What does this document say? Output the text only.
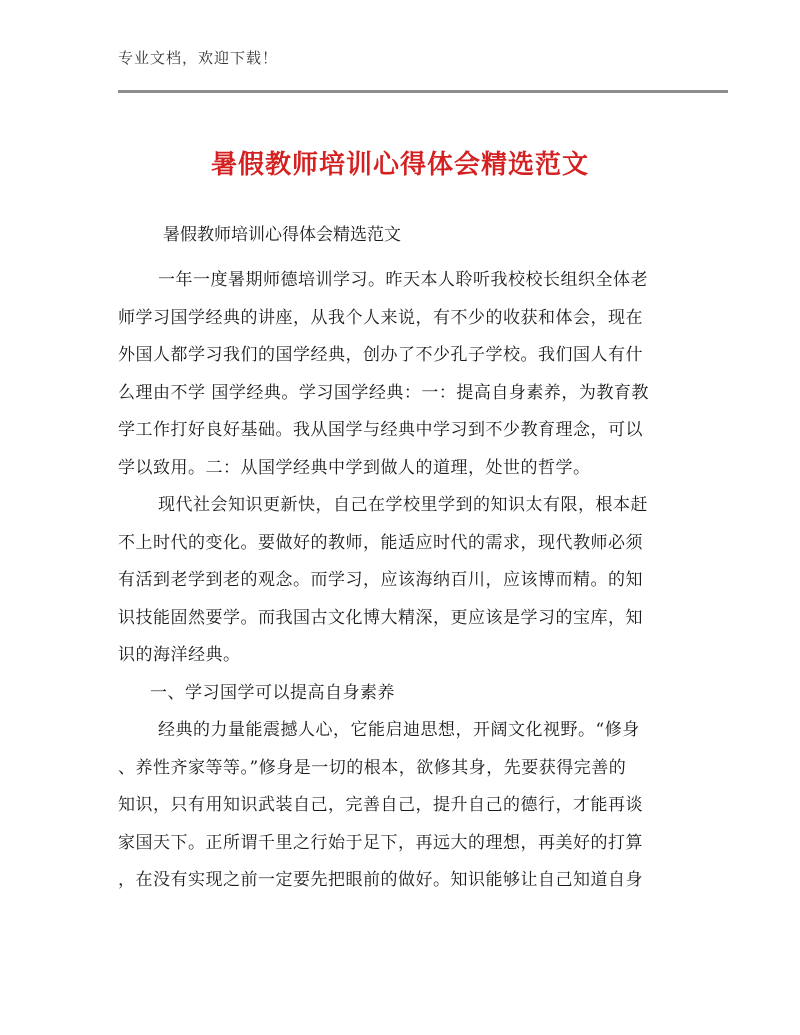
专业文档，欢迎下载！
暑假教师培训心得体会精选范文
暑假教师培训心得体会精选范文
一年一度暑期师德培训学习。昨天本人聆听我校校长组织全体老
师学习国学经典的讲座，从我个人来说，有不少的收获和体会，现在
外国人都学习我们的国学经典，创办了不少孔子学校。我们国人有什
么理由不学 国学经典。学习国学经典：一：提高自身素养，为教育教
学工作打好良好基础。我从国学与经典中学习到不少教育理念，可以
学以致用。二：从国学经典中学到做人的道理，处世的哲学。
现代社会知识更新快，自己在学校里学到的知识太有限，根本赶
不上时代的变化。要做好的教师，能适应时代的需求，现代教师必须
有活到老学到老的观念。而学习，应该海纳百川，应该博而精。的知
识技能固然要学。而我国古文化博大精深，更应该是学习的宝库，知
识的海洋经典。
一、学习国学可以提高自身素养
经典的力量能震撼人心，它能启迪思想，开阔文化视野。“修身
、养性齐家等等。”修身是一切的根本，欲修其身，先要获得完善的
知识，只有用知识武装自己，完善自己，提升自己的德行，才能再谈
家国天下。正所谓千里之行始于足下，再远大的理想，再美好的打算
，在没有实现之前一定要先把眼前的做好。知识能够让自己知道自身
